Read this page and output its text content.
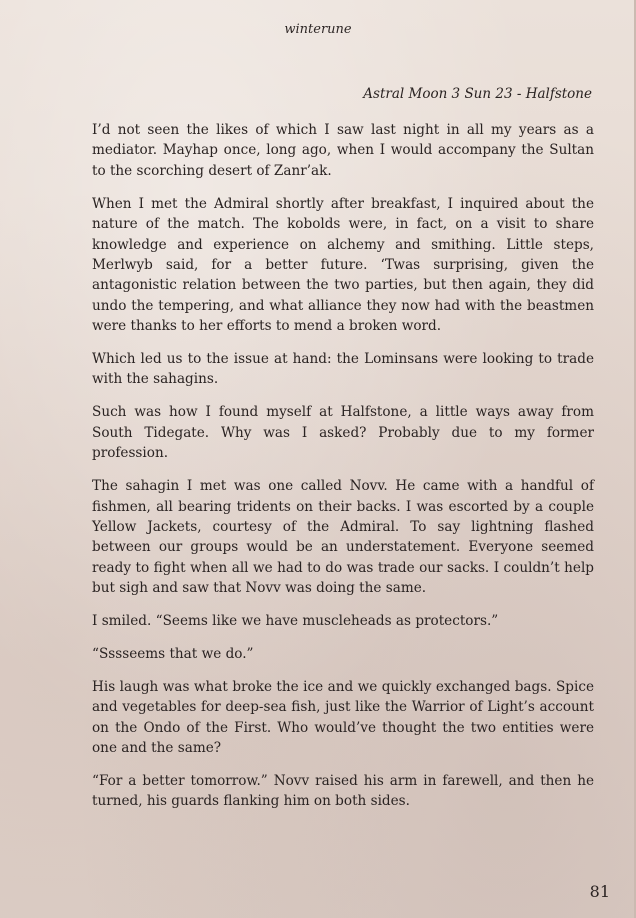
winterune
Astral Moon 3 Sun 23 - Halfstone

I’d not seen the likes of which I saw last night in all my years as a mediator. Mayhap once, long ago, when I would accompany the Sultan to the scorching desert of Zanr’ak.

When I met the Admiral shortly after breakfast, I inquired about the nature of the match. The kobolds were, in fact, on a visit to share knowledge and experience on alchemy and smithing. Little steps, Merlwyb said, for a better future. ‘Twas surprising, given the antagonistic relation between the two parties, but then again, they did undo the tempering, and what alliance they now had with the beastmen were thanks to her efforts to mend a broken word.

Which led us to the issue at hand: the Lominsans were looking to trade with the sahagins.

Such was how I found myself at Halfstone, a little ways away from South Tidegate. Why was I asked? Probably due to my former profession.

The sahagin I met was one called Novv. He came with a handful of fishmen, all bearing tridents on their backs. I was escorted by a couple Yellow Jackets, courtesy of the Admiral. To say lightning flashed between our groups would be an understatement. Everyone seemed ready to fight when all we had to do was trade our sacks. I couldn’t help but sigh and saw that Novv was doing the same.

I smiled. “Seems like we have muscleheads as protectors.”

“Sssseems that we do.”

His laugh was what broke the ice and we quickly exchanged bags. Spice and vegetables for deep-sea fish, just like the Warrior of Light’s account on the Ondo of the First. Who would’ve thought the two entities were one and the same?

“For a better tomorrow.” Novv raised his arm in farewell, and then he turned, his guards flanking him on both sides.

81
